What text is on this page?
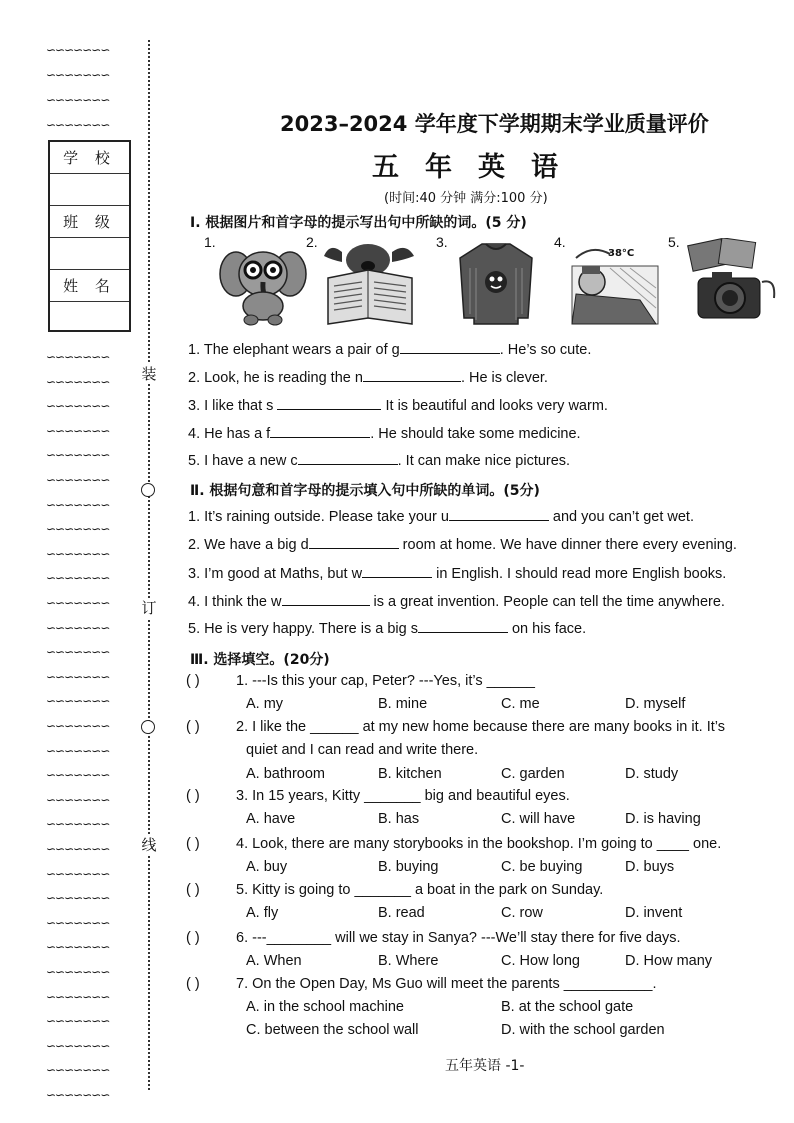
∽∽∽∽∽∽∽
∽∽∽∽∽∽∽
∽∽∽∽∽∽∽
∽∽∽∽∽∽∽
∽∽∽∽∽∽∽
∽∽∽∽∽∽∽
∽∽∽∽∽∽∽
∽∽∽∽∽∽∽
∽∽∽∽∽∽∽
∽∽∽∽∽∽∽
∽∽∽∽∽∽∽
∽∽∽∽∽∽∽
∽∽∽∽∽∽∽
∽∽∽∽∽∽∽
∽∽∽∽∽∽∽
∽∽∽∽∽∽∽
∽∽∽∽∽∽∽
∽∽∽∽∽∽∽
∽∽∽∽∽∽∽
∽∽∽∽∽∽∽
∽∽∽∽∽∽∽
∽∽∽∽∽∽∽
∽∽∽∽∽∽∽
∽∽∽∽∽∽∽
∽∽∽∽∽∽∽
∽∽∽∽∽∽∽
∽∽∽∽∽∽∽
∽∽∽∽∽∽∽
∽∽∽∽∽∽∽
∽∽∽∽∽∽∽
∽∽∽∽∽∽∽
∽∽∽∽∽∽∽
∽∽∽∽∽∽∽
∽∽∽∽∽∽∽
∽∽∽∽∽∽∽
学 校
班 级
姓 名
装
订
线
2023–2024 学年度下学期期末学业质量评价
五年英语
(时间:40 分钟 满分:100 分)
Ⅰ. 根据图片和首字母的提示写出句中所缺的词。(5 分)
1.	2.	3.	4.	5.
38°C
1. The elephant wears a pair of g	. He’s so cute.
2. Look, he is reading the n	. He is clever.
3. I like that s	It is beautiful and looks very warm.
4. He has a f	. He should take some medicine.
5. I have a new c	. It can make nice pictures.
Ⅱ. 根据句意和首字母的提示填入句中所缺的单词。(5分)
1. It’s raining outside. Please take your u	and you can’t get wet.
2. We have a big d	room at home. We have dinner there every evening.
3. I’m good at Maths, but w	in English. I should read more English books.
4. I think the w	is a great invention. People can tell the time anywhere.
5. He is very happy. There is a big s	on his face.
Ⅲ. 选择填空。(20分)
( )	1. ---Is this your cap, Peter? ---Yes, it’s ______
A. my	B. mine	C. me	D. myself
( )	2. I like the ______ at my new home because there are many books in it. It’s
quiet and I can read and write there.
A. bathroom	B. kitchen	C. garden	D. study
( )	3. In 15 years, Kitty _______ big and beautiful eyes.
A. have	B. has	C. will have	D. is having
( )	4. Look, there are many storybooks in the bookshop. I’m going to ____ one.
A. buy	B. buying	C. be buying	D. buys
( )	5. Kitty is going to _______ a boat in the park on Sunday.
A. fly	B. read	C. row	D. invent
( )	6. ---________ will we stay in Sanya? ---We’ll stay there for five days.
A. When	B. Where	C. How long	D. How many
( )	7. On the Open Day, Ms Guo will meet the parents ___________.
A. in the school machine	B. at the school gate
C. between the school wall	D. with the school garden
五年英语 -1-
